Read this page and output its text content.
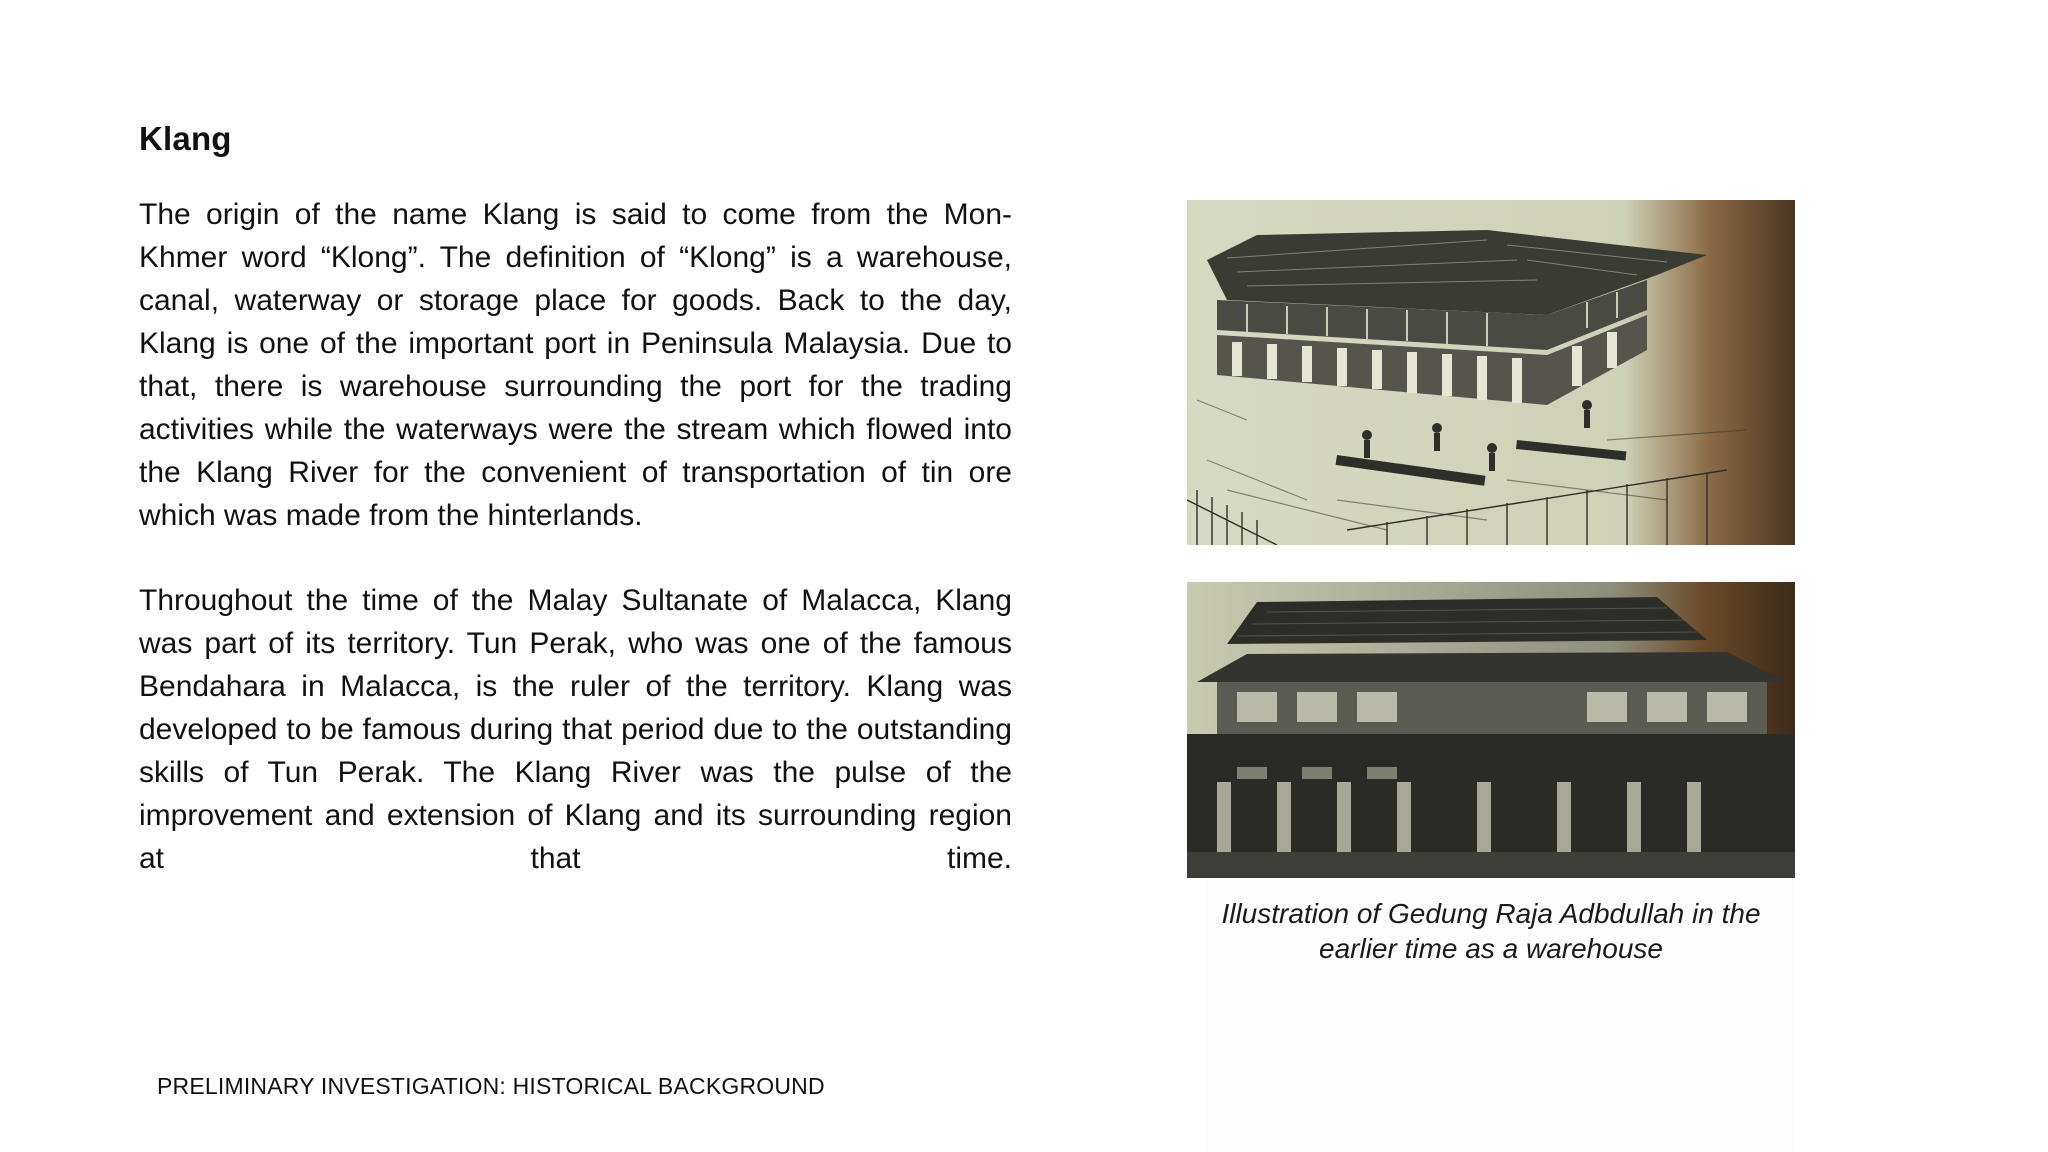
Klang
The origin of the name Klang is said to come from the Mon-Khmer word “Klong”. The definition of “Klong” is a warehouse, canal, waterway or storage place for goods. Back to the day, Klang is one of the important port in Peninsula Malaysia. Due to that, there is warehouse surrounding the port for the trading activities while the waterways were the stream which flowed into the Klang River for the convenient of transportation of tin ore which was made from the hinterlands.
Throughout the time of the Malay Sultanate of Malacca, Klang was part of its territory. Tun Perak, who was one of the famous Bendahara in Malacca, is the ruler of the territory. Klang was developed to be famous during that period due to the outstanding skills of Tun Perak. The Klang River was the pulse of the improvement and extension of Klang and its surrounding region at that time.
Illustration of Gedung Raja Adbdullah in the
earlier time as a warehouse
PRELIMINARY INVESTIGATION: HISTORICAL BACKGROUND
